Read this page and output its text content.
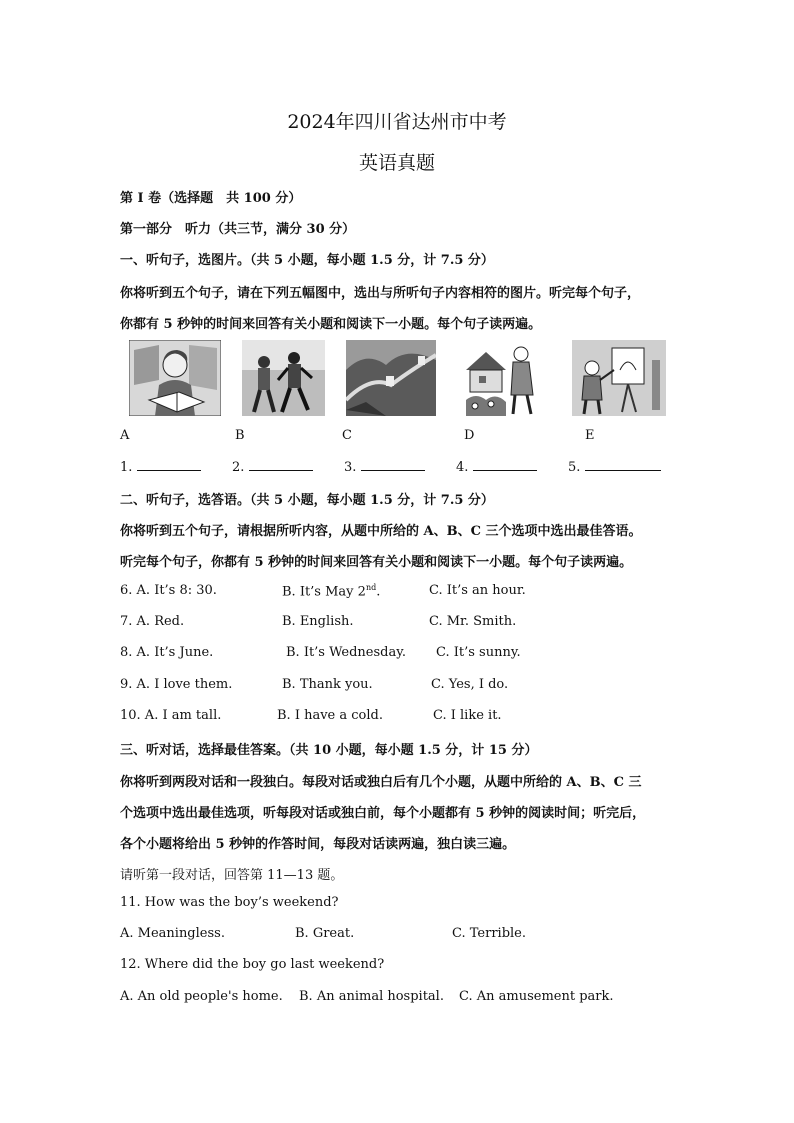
2024年四川省达州市中考
英语真题
第 I 卷（选择题　共 100 分）
第一部分　听力（共三节，满分 30 分）
一、听句子，选图片。（共 5 小题，每小题 1.5 分，计 7.5 分）
你将听到五个句子，请在下列五幅图中，选出与所听句子内容相符的图片。听完每个句子，
你都有 5 秒钟的时间来回答有关小题和阅读下一小题。每个句子读两遍。
A	B	C	D	E
1.	2.	3.	4.	5.
二、听句子，选答语。（共 5 小题，每小题 1.5 分，计 7.5 分）
你将听到五个句子，请根据所听内容，从题中所给的 A、B、C 三个选项中选出最佳答语。
听完每个句子，你都有 5 秒钟的时间来回答有关小题和阅读下一小题。每个句子读两遍。
6. A. It’s 8: 30.	B. It’s May 2nd.	C. It’s an hour.
7. A. Red.	B. English.	C. Mr. Smith.
8. A. It’s June.	B. It’s Wednesday. C. It’s sunny.
9. A. I love them.	B. Thank you.	C. Yes, I do.
10. A. I am tall.	B. I have a cold.	C. I like it.
三、听对话，选择最佳答案。（共 10 小题，每小题 1.5 分，计 15 分）
你将听到两段对话和一段独白。每段对话或独白后有几个小题，从题中所给的 A、B、C 三
个选项中选出最佳选项，听每段对话或独白前，每个小题都有 5 秒钟的阅读时间；听完后，
各个小题将给出 5 秒钟的作答时间，每段对话读两遍，独白读三遍。
请听第一段对话，回答第 11—13 题。
11. How was the boy’s weekend?
A. Meaningless.	B. Great.	C. Terrible.
12. Where did the boy go last weekend?
A. An old people's home. B. An animal hospital. C. An amusement park.
